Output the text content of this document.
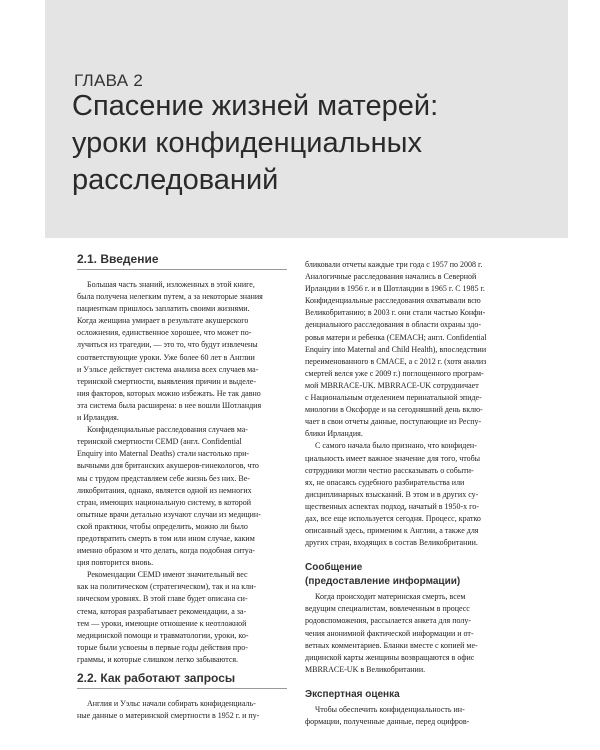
ГЛАВА 2
Спасение жизней матерей:
уроки конфиденциальных
расследований
2.1. Введение

Большая часть знаний, изложенных в этой книге,
была получена нелегким путем, а за некоторые знания
пациенткам пришлось заплатить своими жизнями.
Когда женщина умирает в результате акушерского
осложнения, единственное хорошее, что может по-
лучиться из трагедии, — это то, что будут извлечены
соответствующие уроки. Уже более 60 лет в Англии
и Уэльсе действует система анализа всех случаев ма-
теринской смертности, выявления причин и выделе-
ния факторов, которых можно избежать. Не так давно
эта система была расширена: в нее вошли Шотландия
и Ирландия.

Конфиденциальные расследования случаев ма-
теринской смертности CEMD (англ. Confidential
Enquiry into Maternal Deaths) стали настолько при-
вычными для британских акушеров-гинекологов, что
мы с трудом представляем себе жизнь без них. Ве-
ликобритания, однако, является одной из немногих
стран, имеющих национальную систему, в которой
опытные врачи детально изучают случаи из медицин-
ской практики, чтобы определить, можно ли было
предотвратить смерть в том или ином случае, каким
именно образом и что делать, когда подобная ситуа-
ция повторится вновь.

Рекомендации CEMD имеют значительный вес
как на политическом (стратегическом), так и на кли-
ническом уровнях. В этой главе будет описана си-
стема, которая разрабатывает рекомендации, а за-
тем — уроки, имеющие отношение к неотложной
медицинской помощи и травматологии, уроки, ко-
торые были усвоены в первые годы действия про-
граммы, и которые слишком легко забываются.

2.2. Как работают запросы

Англия и Уэльс начали собирать конфиденциаль-
ные данные о материнской смертности в 1952 г. и пу-

бликовали отчеты каждые три года с 1957 по 2008 г.
Аналогичные расследования начались в Северной
Ирландии в 1956 г. и в Шотландии в 1965 г. С 1985 г.
Конфиденциальные расследования охватывали всю
Великобританию; в 2003 г. они стали частью Конфи-
денциального расследования в области охраны здо-
ровья матери и ребенка (CEMACH; англ. Confidential
Enquiry into Maternal and Child Health), впоследствии
переименованного в CMACE, а с 2012 г. (хотя анализ
смертей велся уже с 2009 г.) поглощенного програм-
мой MBRRACE-UK. MBRRACE-UK сотрудничает
с Национальным отделением перинатальной эпиде-
миологии в Оксфорде и на сегодняшний день вклю-
чает в свои отчеты данные, поступающие из Респу-
блики Ирландия.

С самого начала было признано, что конфиден-
циальность имеет важное значение для того, чтобы
сотрудники могли честно рассказывать о событи-
ях, не опасаясь судебного разбирательства или
дисциплинарных взысканий. В этом и в других су-
щественных аспектах подход, начатый в 1950-х го-
дах, все еще используется сегодня. Процесс, кратко
описанный здесь, применим к Англии, а также для
других стран, входящих в состав Великобритании.

Сообщение
(предоставление информации)

Когда происходит материнская смерть, всем
ведущим специалистам, вовлеченным в процесс
родовспоможения, рассылается анкета для полу-
чения анонимной фактической информации и от-
ветных комментариев. Бланки вместе с копией ме-
дицинской карты женщины возвращаются в офис
MBRRACE-UK в Великобритании.

Экспертная оценка

Чтобы обеспечить конфиденциальность ин-
формации, полученные данные, перед оцифров-
